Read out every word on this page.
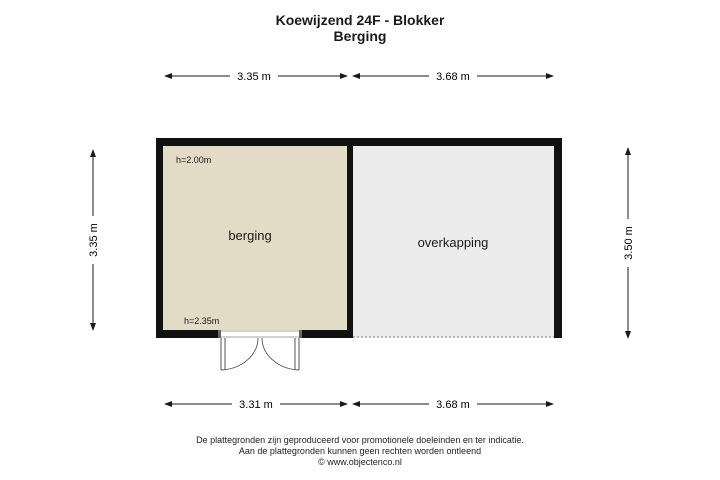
Koewijzend 24F - Blokker
Berging
3.35 m	3.68 m
3.31 m	3.68 m
3.35 m	3.50 m
berging	overkapping
h=2.00m
h=2.35m
De plattegronden zijn geproduceerd voor promotionele doeleinden en ter indicatie.
Aan de plattegronden kunnen geen rechten worden ontleend
© www.objectenco.nl
